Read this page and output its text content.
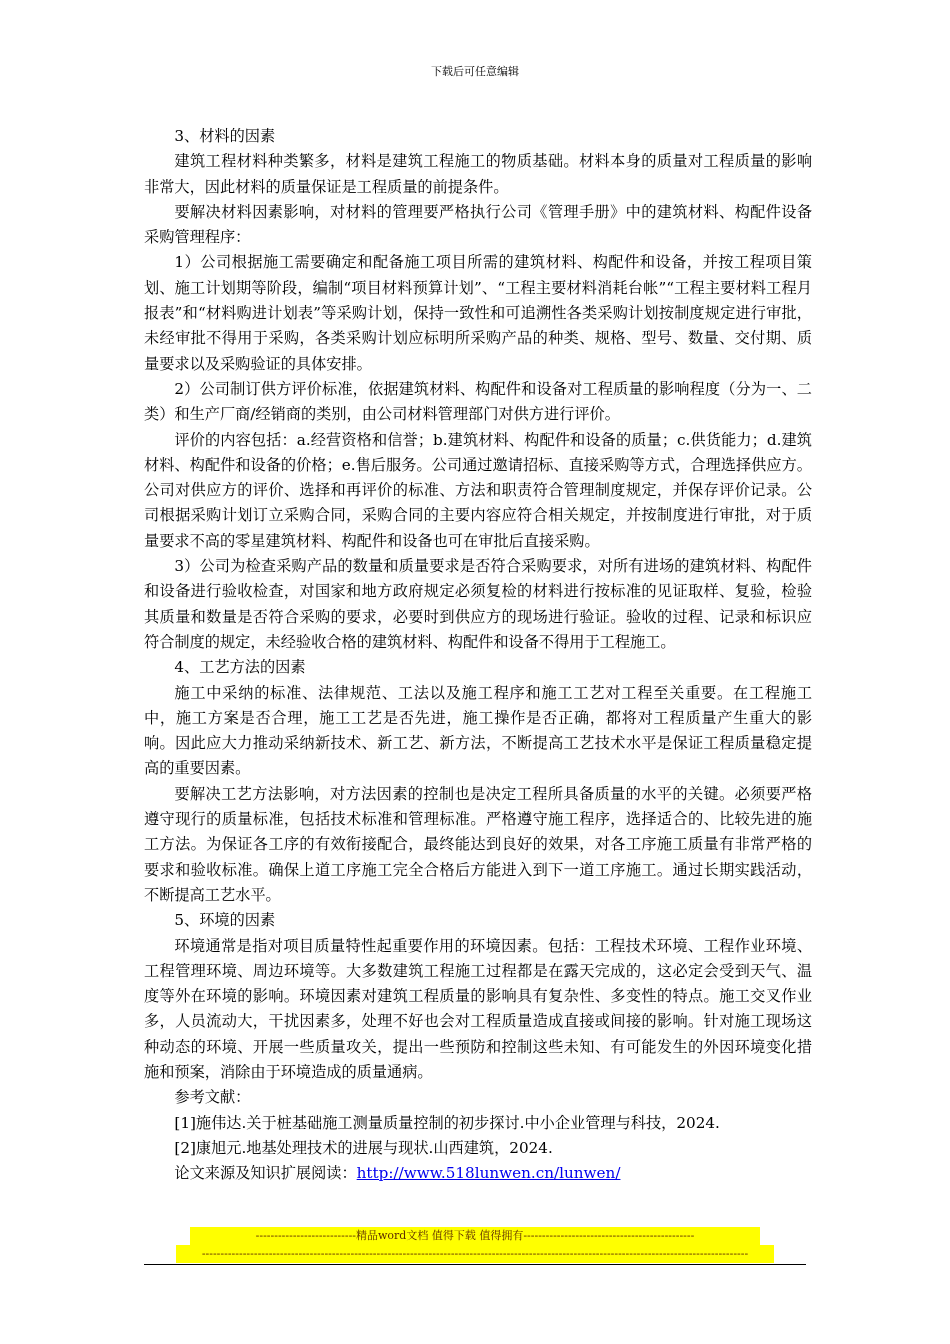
下载后可任意编辑

3、材料的因素

建筑工程材料种类繁多，材料是建筑工程施工的物质基础。材料本身的质量对工程质量的影响非常大，因此材料的质量保证是工程质量的前提条件。

要解决材料因素影响，对材料的管理要严格执行公司《管理手册》中的建筑材料、构配件设备采购管理程序：

1）公司根据施工需要确定和配备施工项目所需的建筑材料、构配件和设备，并按工程项目策划、施工计划期等阶段，编制“项目材料预算计划”、“工程主要材料消耗台帐”“工程主要材料工程月报表”和“材料购进计划表”等采购计划，保持一致性和可追溯性各类采购计划按制度规定进行审批，未经审批不得用于采购，各类采购计划应标明所采购产品的种类、规格、型号、数量、交付期、质量要求以及采购验证的具体安排。

2）公司制订供方评价标准，依据建筑材料、构配件和设备对工程质量的影响程度（分为一、二类）和生产厂商/经销商的类别，由公司材料管理部门对供方进行评价。

评价的内容包括：a.经营资格和信誉；b.建筑材料、构配件和设备的质量；c.供货能力；d.建筑材料、构配件和设备的价格；e.售后服务。公司通过邀请招标、直接采购等方式，合理选择供应方。公司对供应方的评价、选择和再评价的标准、方法和职责符合管理制度规定，并保存评价记录。公司根据采购计划订立采购合同，采购合同的主要内容应符合相关规定，并按制度进行审批，对于质量要求不高的零星建筑材料、构配件和设备也可在审批后直接采购。

3）公司为检查采购产品的数量和质量要求是否符合采购要求，对所有进场的建筑材料、构配件和设备进行验收检查，对国家和地方政府规定必须复检的材料进行按标准的见证取样、复验，检验其质量和数量是否符合采购的要求，必要时到供应方的现场进行验证。验收的过程、记录和标识应符合制度的规定，未经验收合格的建筑材料、构配件和设备不得用于工程施工。

4、工艺方法的因素

施工中采纳的标准、法律规范、工法以及施工程序和施工工艺对工程至关重要。在工程施工中，施工方案是否合理，施工工艺是否先进，施工操作是否正确，都将对工程质量产生重大的影响。因此应大力推动采纳新技术、新工艺、新方法，不断提高工艺技术水平是保证工程质量稳定提高的重要因素。

要解决工艺方法影响，对方法因素的控制也是决定工程所具备质量的水平的关键。必须要严格遵守现行的质量标准，包括技术标准和管理标准。严格遵守施工程序，选择适合的、比较先进的施工方法。为保证各工序的有效衔接配合，最终能达到良好的效果，对各工序施工质量有非常严格的要求和验收标准。确保上道工序施工完全合格后方能进入到下一道工序施工。通过长期实践活动，不断提高工艺水平。

5、环境的因素

环境通常是指对项目质量特性起重要作用的环境因素。包括：工程技术环境、工程作业环境、工程管理环境、周边环境等。大多数建筑工程施工过程都是在露天完成的，这必定会受到天气、温度等外在环境的影响。环境因素对建筑工程质量的影响具有复杂性、多变性的特点。施工交叉作业多，人员流动大，干扰因素多，处理不好也会对工程质量造成直接或间接的影响。针对施工现场这种动态的环境、开展一些质量攻关，提出一些预防和控制这些未知、有可能发生的外因环境变化措施和预案，消除由于环境造成的质量通病。

参考文献：

[1]施伟达.关于桩基础施工测量质量控制的初步探讨.中小企业管理与科技，2024.

[2]康旭元.地基处理技术的进展与现状.山西建筑，2024.

论文来源及知识扩展阅读：http://www.518lunwen.cn/lunwen/

---------------------------精品word文档 值得下载 值得拥有----------------------------------------------
---------------------------------------------------------------------------------------------------------------------------------------------------
